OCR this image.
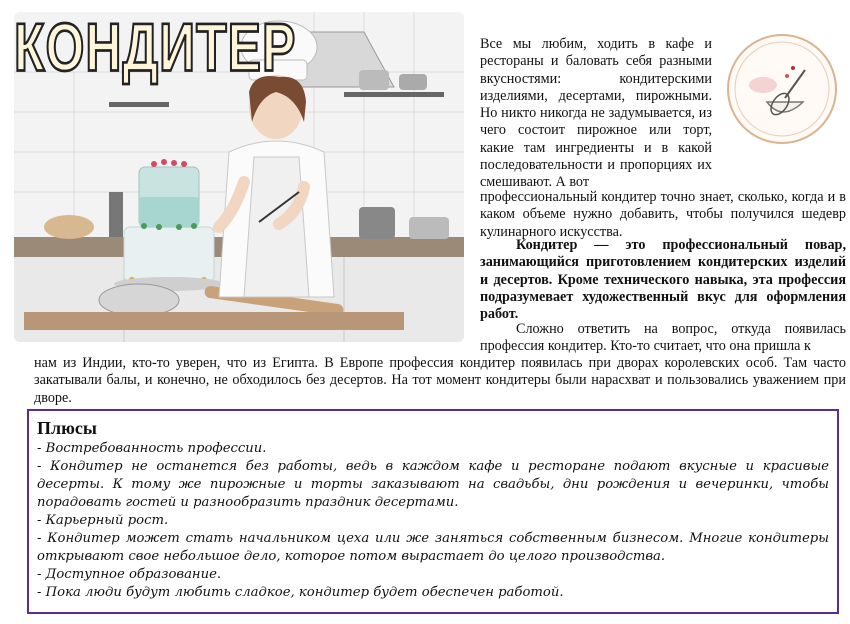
КОНДИТЕР	Все мы любим, ходить в кафе и рестораны и баловать себя разными вкусностями: кондитерскими изделиями, десертами, пирожными. Но никто никогда не задумывается, из чего состоит пирожное или торт, какие там ингредиенты и в какой последовательности и пропорциях их смешивают. А вот
профессиональный кондитер точно знает, сколько, когда и в каком объеме нужно добавить, чтобы получился шедевр кулинарного искусства.
Кондитер — это профессиональный повар, занимающийся приготовлением кондитерских изделий и десертов. Кроме технического навыка, эта профессия подразумевает художественный вкус для оформления работ.
Сложно ответить на вопрос, откуда появилась профессия кондитер. Кто-то считает, что она пришла к
нам из Индии, кто-то уверен, что из Египта. В Европе профессия кондитер появилась при дворах королевских особ. Там часто закатывали балы, и конечно, не обходилось без десертов. На тот момент кондитеры были нарасхват и пользовались уважением при дворе.
Плюсы
- Востребованность профессии.
- Кондитер не останется без работы, ведь в каждом кафе и ресторане подают вкусные и красивые десерты. К тому же пирожные и торты заказывают на свадьбы, дни рождения и вечеринки, чтобы порадовать гостей и разнообразить праздник десертами.
- Карьерный рост.
- Кондитер может стать начальником цеха или же заняться собственным бизнесом. Многие кондитеры открывают свое небольшое дело, которое потом вырастает до целого производства.
- Доступное образование.
- Пока люди будут любить сладкое, кондитер будет обеспечен работой.
